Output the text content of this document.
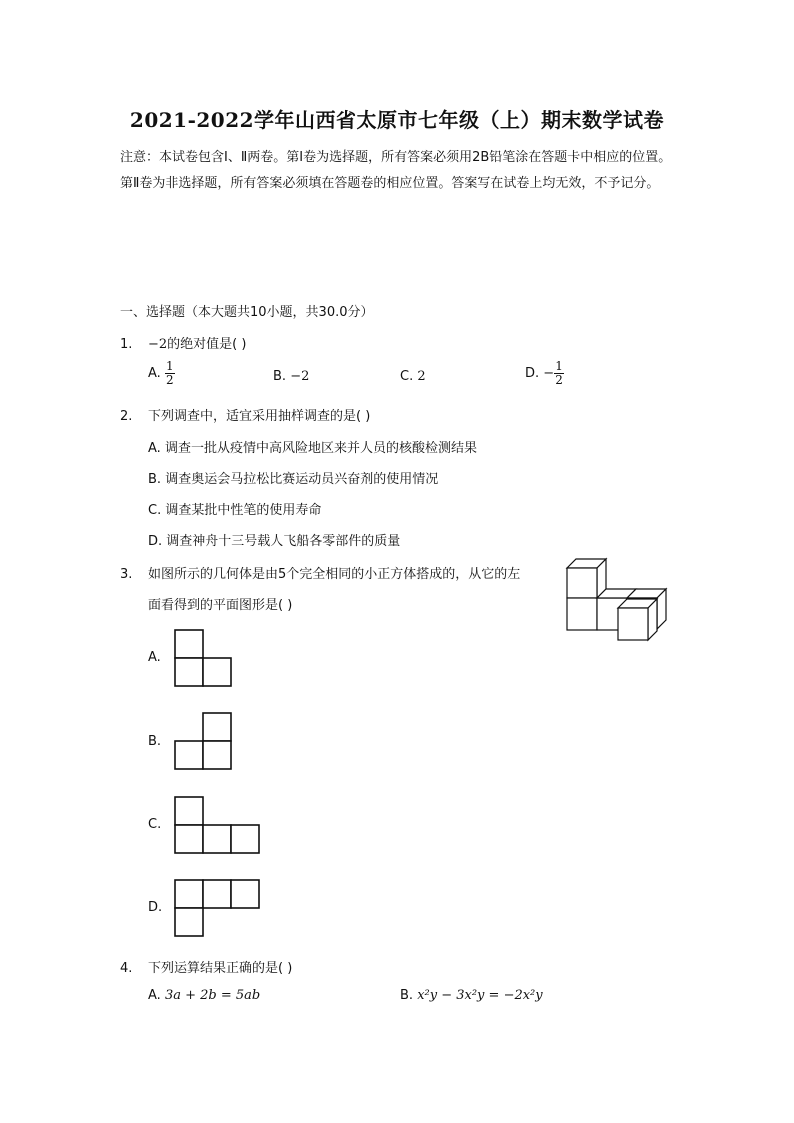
2021-2022学年山西省太原市七年级（上）期末数学试卷
注意：本试卷包含Ⅰ、Ⅱ两卷。第Ⅰ卷为选择题，所有答案必须用2B铅笔涂在答题卡中相应的位置。第Ⅱ卷为非选择题，所有答案必须填在答题卷的相应位置。答案写在试卷上均无效，不予记分。
一、选择题（本大题共10小题，共30.0分）
1. −2的绝对值是( )
A. $\frac{1}{2}$	B. −2	C. 2	D. − $\frac{1}{2}$
2. 下列调查中，适宜采用抽样调查的是( )
A. 调查一批从疫情中高风险地区来并人员的核酸检测结果
B. 调查奥运会马拉松比赛运动员兴奋剂的使用情况
C. 调查某批中性笔的使用寿命
D. 调查神舟十三号载人飞船各零部件的质量
3. 如图所示的几何体是由5个完全相同的小正方体搭成的，从它的左
面看得到的平面图形是( )
A.
B.
C.
D.
4. 下列运算结果正确的是( )
A. 3a + 2b = 5ab	B. x²y − 3x²y = −2x²y
